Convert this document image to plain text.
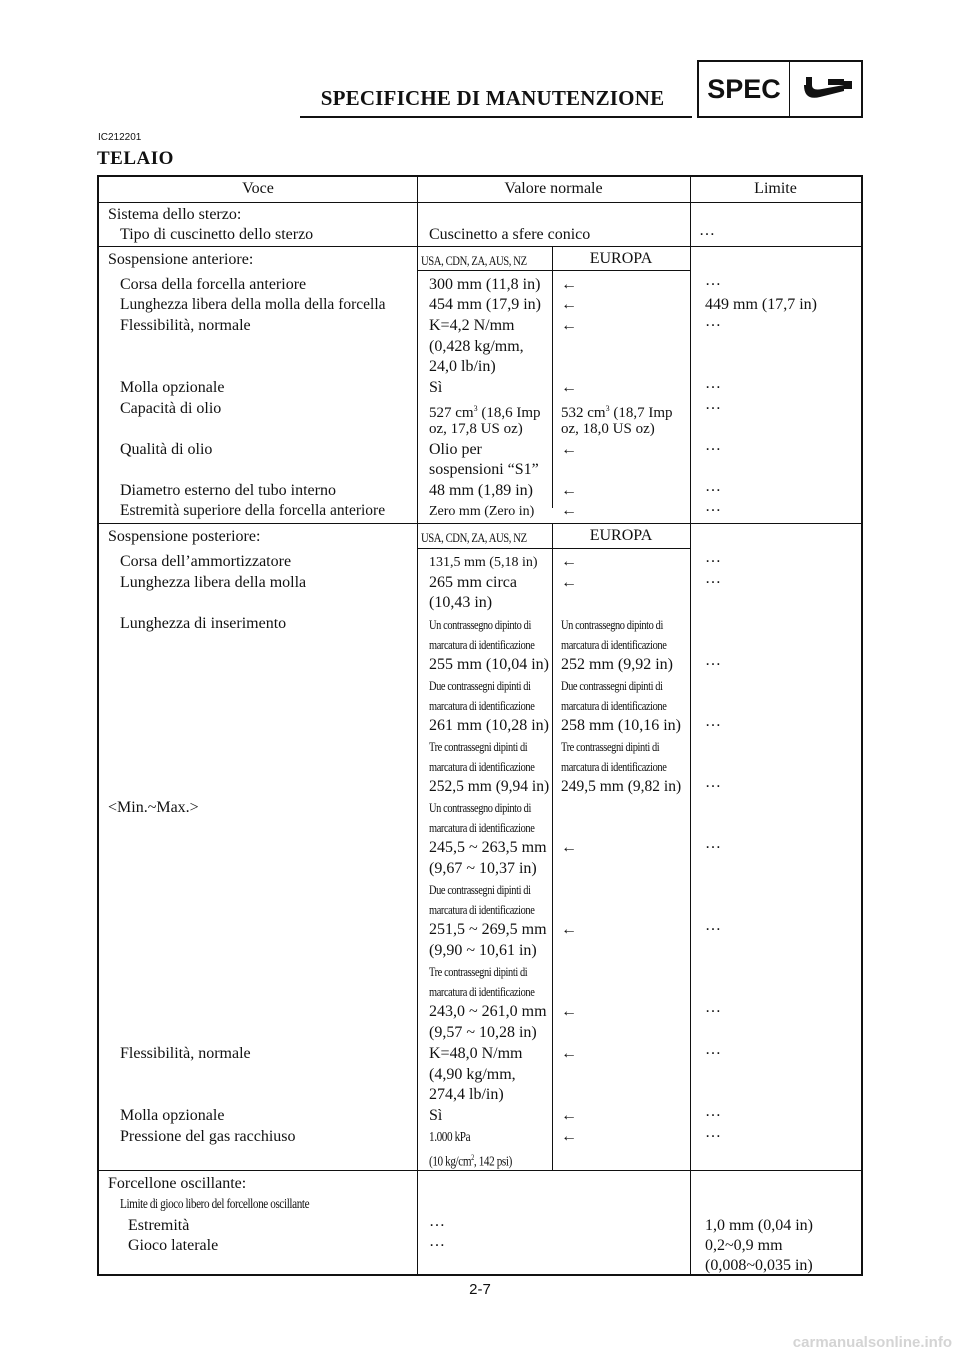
SPECIFICHE DI MANUTENZIONE	SPEC
IC212201
TELAIO
Voce	Valore normale	Limite
Sistema dello sterzo:
Tipo di cuscinetto dello sterzo	Cuscinetto a sfere conico	…
Sospensione anteriore:	USA, CDN, ZA, AUS, NZ	EUROPA
Corsa della forcella anteriore	300 mm (11,8 in) ←	…
Lunghezza libera della molla della forcella	454 mm (17,9 in) ←	449 mm (17,7 in)
Flessibilità, normale	K=4,2 N/mm
(0,428 kg/mm,
24,0 lb/in)
←	…
Molla opzionale	Sì	←	…
Capacità di olio	527 $cm^3$ (18,6 Imp
oz, 17,8 US oz)
532 $cm^3$ (18,7 Imp
oz, 18,0 US oz)
…
Qualità di olio	Olio per
sospensioni “S1”
←	…
Diametro esterno del tubo interno	48 mm (1,89 in) ←	…
Estremità superiore della forcella anteriore	Zero mm (Zero in) ←	…
Sospensione posteriore:	USA, CDN, ZA, AUS, NZ	EUROPA
Corsa dell’ammortizzatore	131,5 mm (5,18 in) ←	…
Lunghezza libera della molla	265 mm circa
(10,43 in)
←	…
Lunghezza di inserimento	Un contrassegno dipinto di
marcatura di identificazione
Un contrassegno dipinto di
marcatura di identificazione
255 mm (10,04 in) 252 mm (9,92 in) …
Due contrassegni dipinti di
marcatura di identificazione
Due contrassegni dipinti di
marcatura di identificazione
261 mm (10,28 in) 258 mm (10,16 in) …
Tre contrassegni dipinti di
marcatura di identificazione
Tre contrassegni dipinti di
marcatura di identificazione
252,5 mm (9,94 in) 249,5 mm (9,82 in) …
<Min.~Max.>	Un contrassegno dipinto di
marcatura di identificazione
245,5 ~ 263,5 mm
(9,67 ~ 10,37 in)
←	…
Due contrassegni dipinti di
marcatura di identificazione
251,5 ~ 269,5 mm
(9,90 ~ 10,61 in)
←	…
Tre contrassegni dipinti di
marcatura di identificazione
243,0 ~ 261,0 mm
(9,57 ~ 10,28 in)
←	…
Flessibilità, normale	K=48,0 N/mm
(4,90 kg/mm,
274,4 lb/in)
←	…
Molla opzionale	Sì	←	…
Pressione del gas racchiuso	1.000 kPa
(10 $kg/cm^2$, 142 psi)
←	…
Forcellone oscillante:
Limite di gioco libero del forcellone oscillante
Estremità	…	1,0 mm (0,04 in)
Gioco laterale	…	0,2~0,9 mm
(0,008~0,035 in)
2-7
carmanualsonline.info
